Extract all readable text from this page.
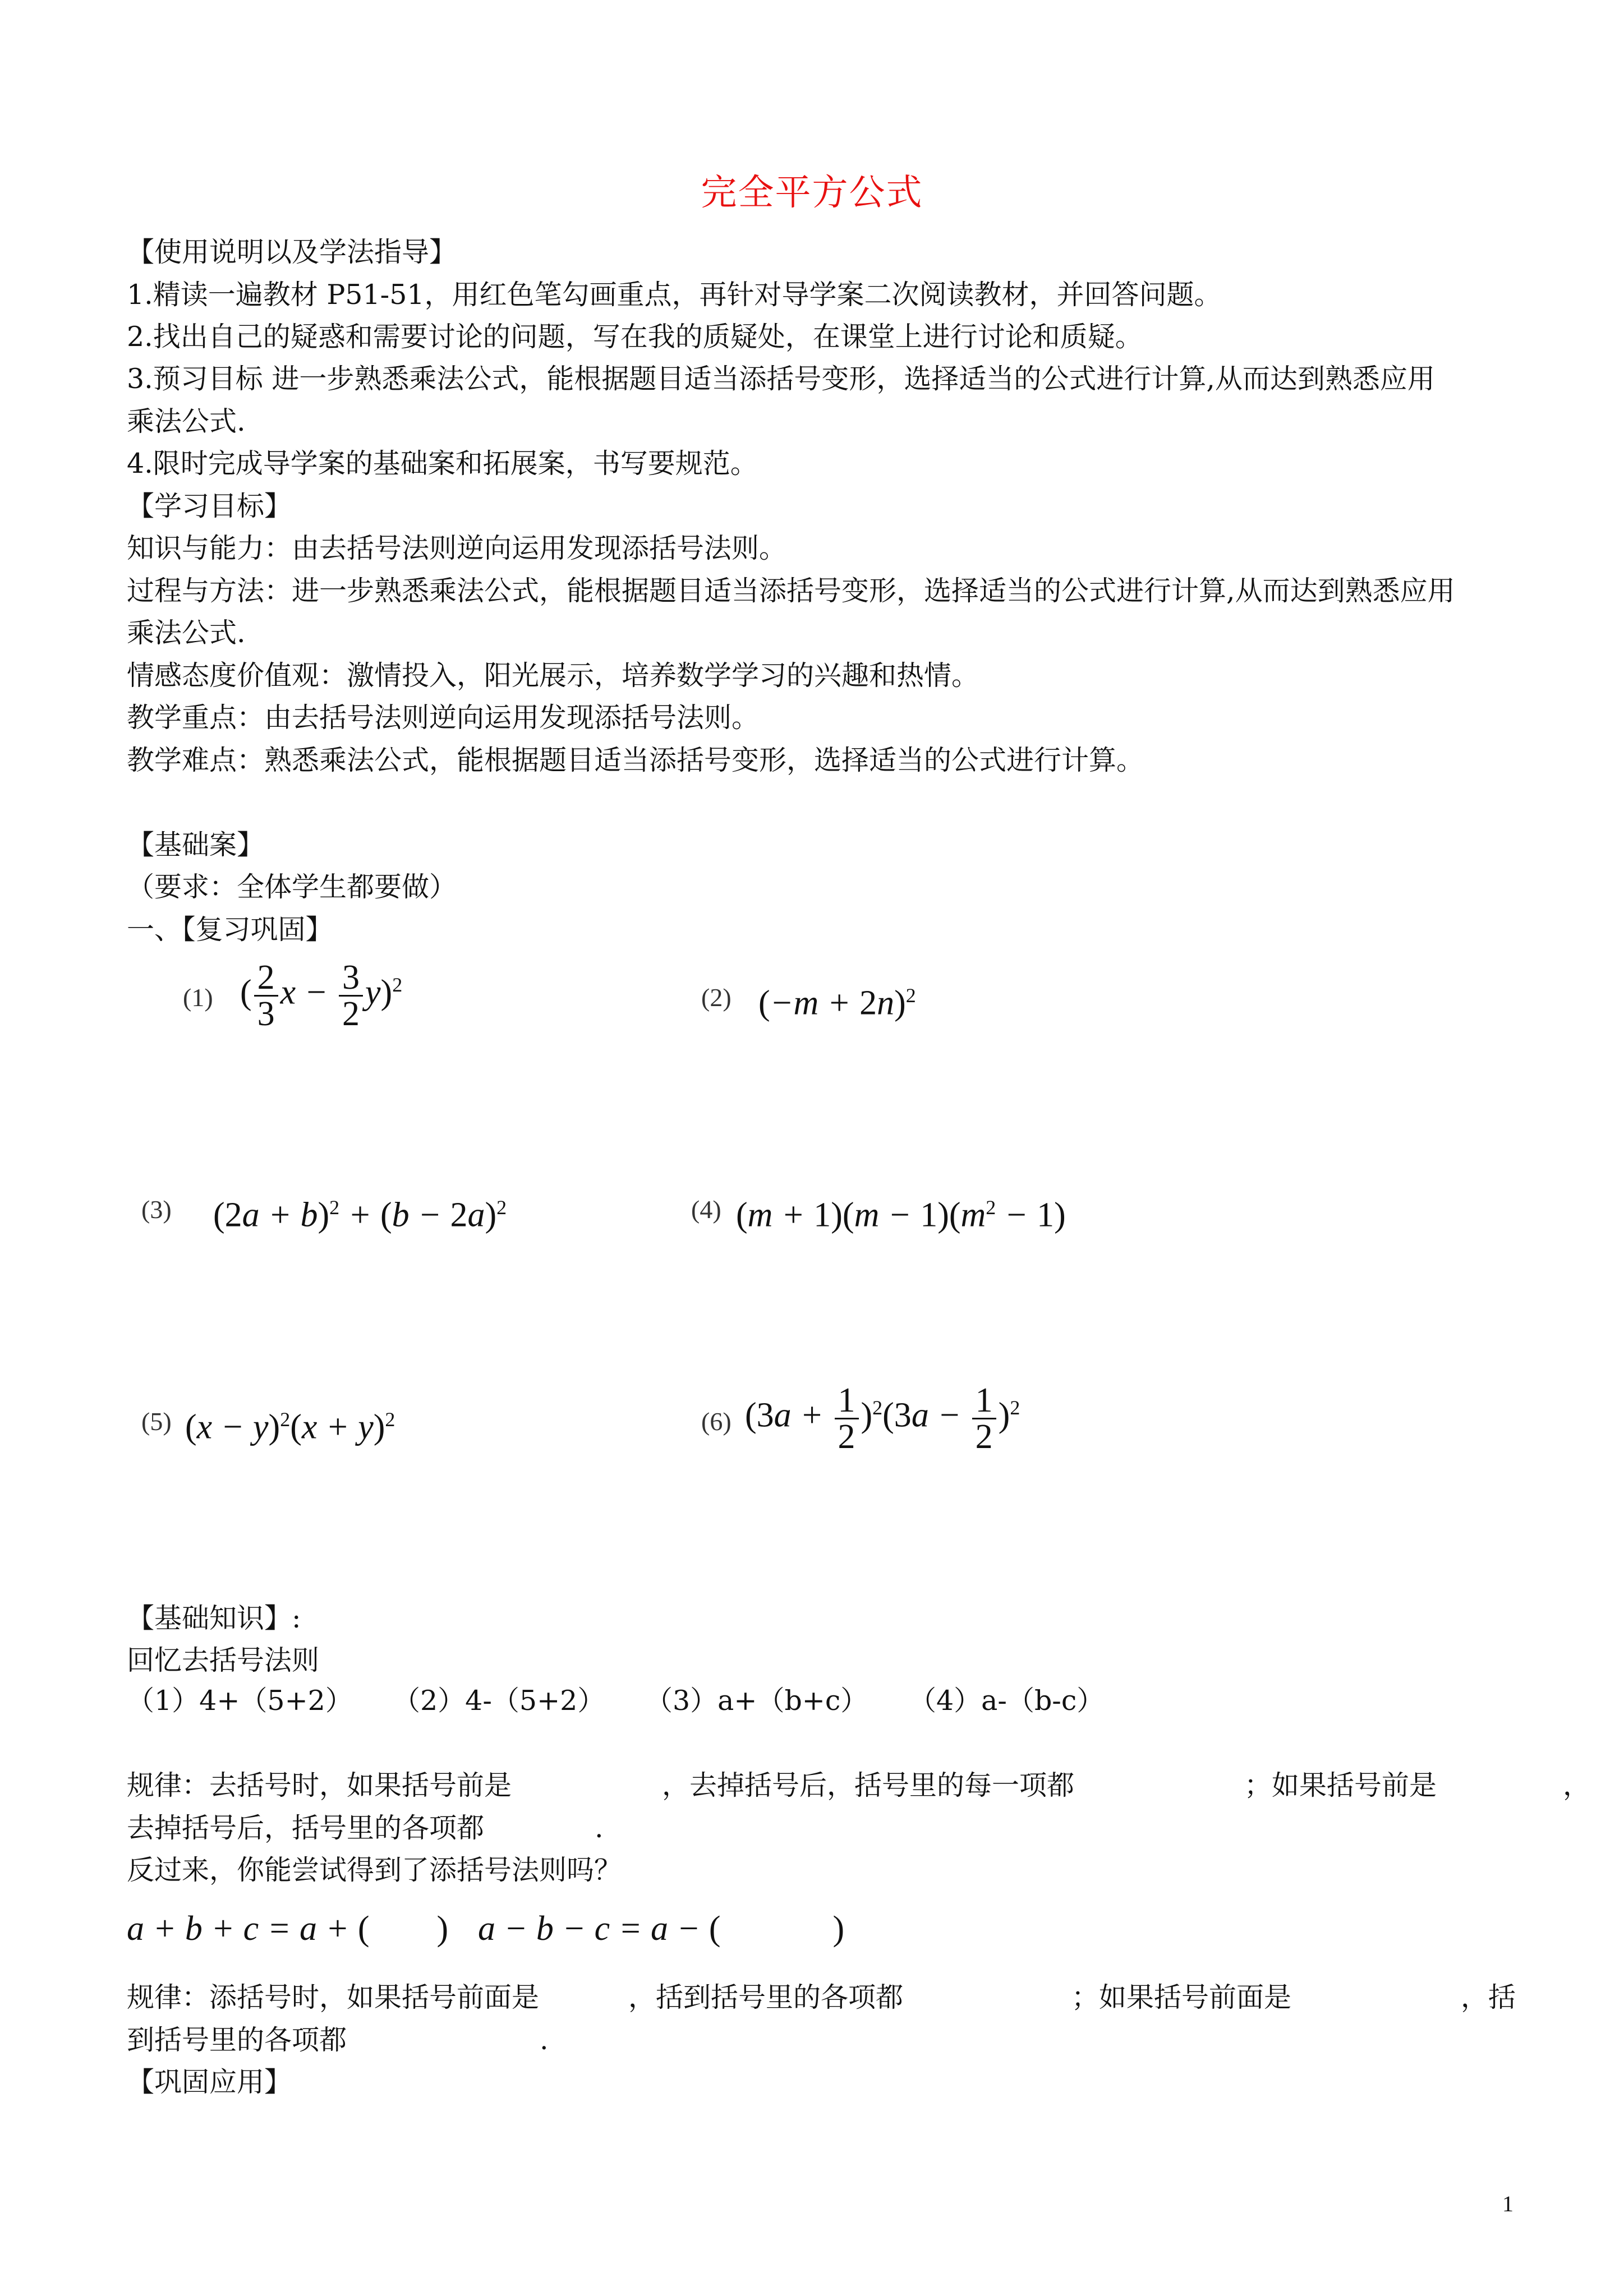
完全平方公式
【使用说明以及学法指导】
1.精读一遍教材 P51-51，用红色笔勾画重点，再针对导学案二次阅读教材，并回答问题。
2.找出自己的疑惑和需要讨论的问题，写在我的质疑处，在课堂上进行讨论和质疑。
3.预习目标 进一步熟悉乘法公式，能根据题目适当添括号变形，选择适当的公式进行计算,从而达到熟悉应用
乘法公式.
4.限时完成导学案的基础案和拓展案，书写要规范。
【学习目标】
知识与能力：由去括号法则逆向运用发现添括号法则。
过程与方法：进一步熟悉乘法公式，能根据题目适当添括号变形，选择适当的公式进行计算,从而达到熟悉应用
乘法公式.
情感态度价值观：激情投入，阳光展示，培养数学学习的兴趣和热情。
教学重点：由去括号法则逆向运用发现添括号法则。
教学难点：熟悉乘法公式，能根据题目适当添括号变形，选择适当的公式进行计算。
【基础案】
（要求：全体学生都要做）
一、【复习巩固】
(1) ( $\frac{2}{3}$ $x - \frac{3}{2} y)^2$	(2) $(-m + 2n)^2$
(3) $(2a + b)^2 + (b - 2a)^2$	(4) $(m + 1)(m - 1)(m^2 - 1)$
(5) $(x - y)^2(x + y)^2$	(6) $(3a + \frac{1}{2} )^2(3a - \frac{1}{2} )^2$
【基础知识】:
回忆去括号法则
（1）4+（5+2） （2）4-（5+2） （3）a+（b+c） （4）a-（b-c）
规律：去括号时，如果括号前是	，去掉括号后，括号里的每一项都	；如果括号前是	，
去掉括号后，括号里的各项都	.
反过来，你能尝试得到了添括号法则吗？
a + b + c = a + ( ) a − b − c = a − (	)
规律：添括号时，如果括号前面是	，括到括号里的各项都	；如果括号前面是	，括
到括号里的各项都	.
【巩固应用】
1
